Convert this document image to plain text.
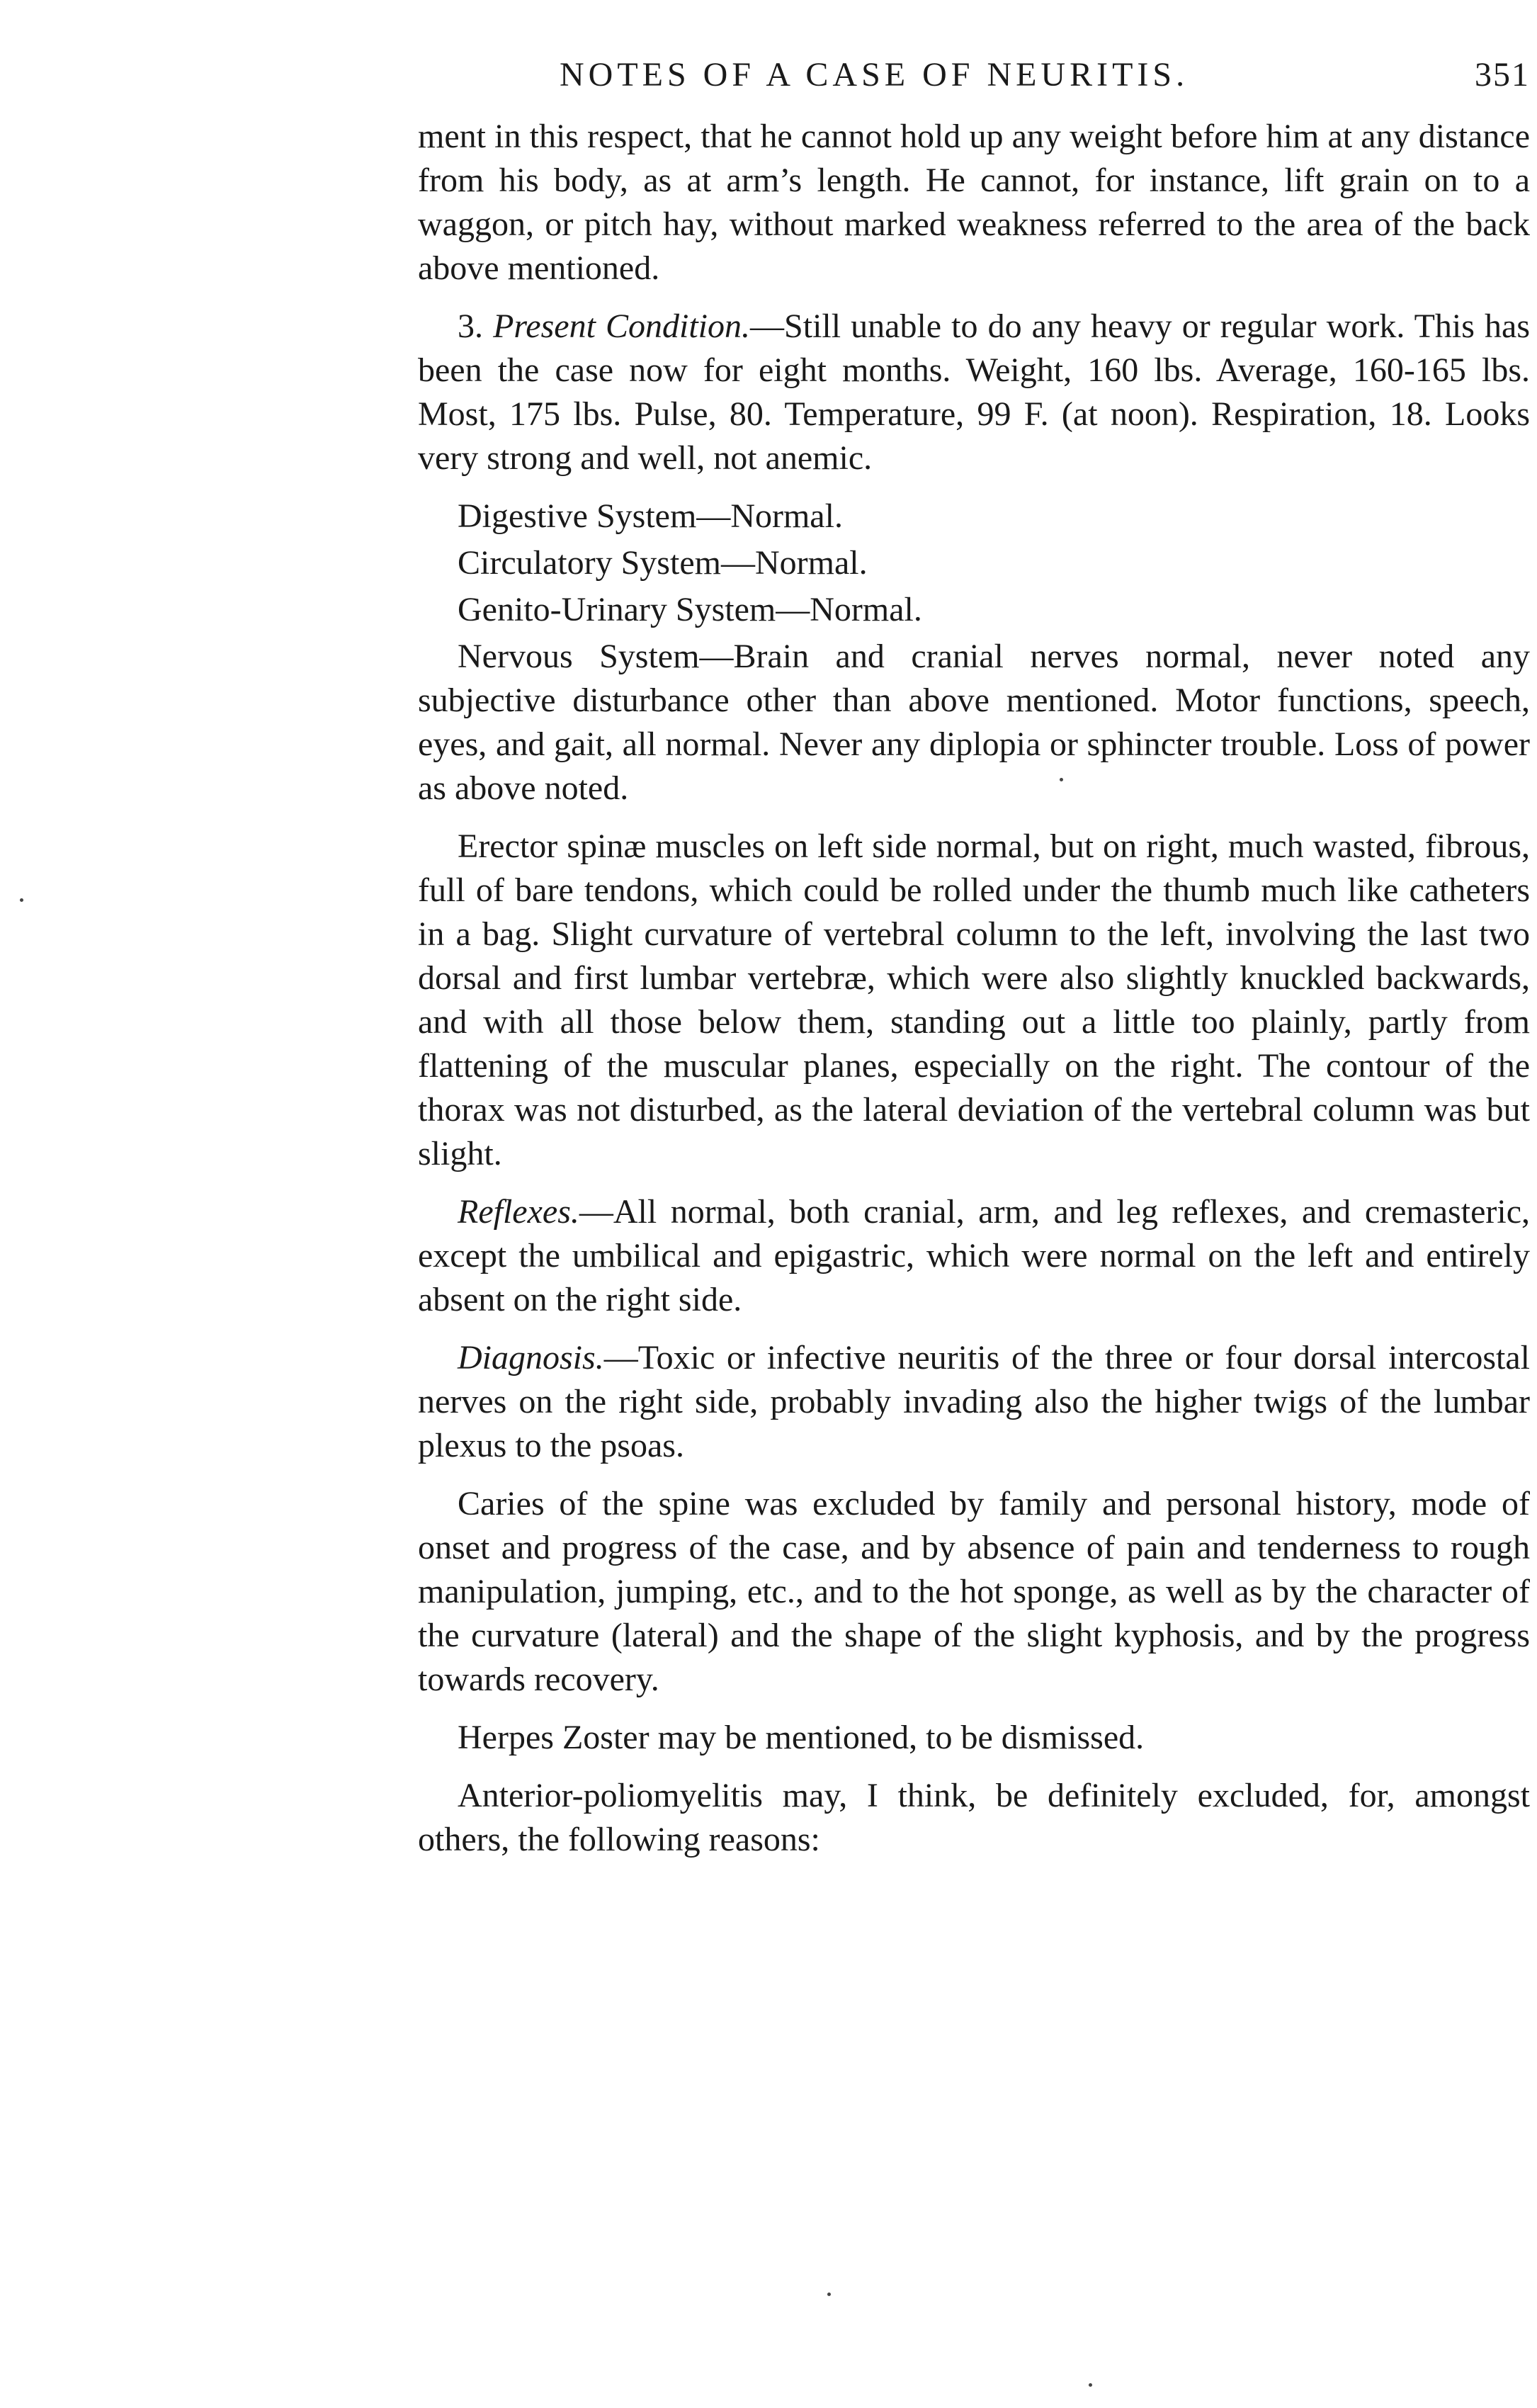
NOTES OF A CASE OF NEURITIS.	351

ment in this respect, that he cannot hold up any weight before him at any distance from his body, as at arm’s length. He cannot, for instance, lift grain on to a waggon, or pitch hay, without marked weakness referred to the area of the back above mentioned.

3. Present Condition.—Still unable to do any heavy or regular work. This has been the case now for eight months. Weight, 160 lbs. Average, 160-165 lbs. Most, 175 lbs. Pulse, 80. Temperature, 99 F. (at noon). Respiration, 18. Looks very strong and well, not anemic.

Digestive System—Normal.

Circulatory System—Normal.

Genito-Urinary System—Normal.

Nervous System—Brain and cranial nerves normal, never noted any subjective disturbance other than above mentioned. Motor functions, speech, eyes, and gait, all normal. Never any diplopia or sphincter trouble. Loss of power as above noted.

Erector spinæ muscles on left side normal, but on right, much wasted, fibrous, full of bare tendons, which could be rolled under the thumb much like catheters in a bag. Slight curvature of vertebral column to the left, involving the last two dorsal and first lumbar vertebræ, which were also slightly knuckled backwards, and with all those below them, standing out a little too plainly, partly from flattening of the muscular planes, especially on the right. The contour of the thorax was not disturbed, as the lateral deviation of the vertebral column was but slight.

Reflexes.—All normal, both cranial, arm, and leg reflexes, and cremasteric, except the umbilical and epigastric, which were normal on the left and entirely absent on the right side.

Diagnosis.—Toxic or infective neuritis of the three or four dorsal intercostal nerves on the right side, probably invading also the higher twigs of the lumbar plexus to the psoas.

Caries of the spine was excluded by family and personal history, mode of onset and progress of the case, and by absence of pain and tenderness to rough manipulation, jumping, etc., and to the hot sponge, as well as by the character of the curvature (lateral) and the shape of the slight kyphosis, and by the progress towards recovery.

Herpes Zoster may be mentioned, to be dismissed.

Anterior-poliomyelitis may, I think, be definitely excluded, for, amongst others, the following reasons:
